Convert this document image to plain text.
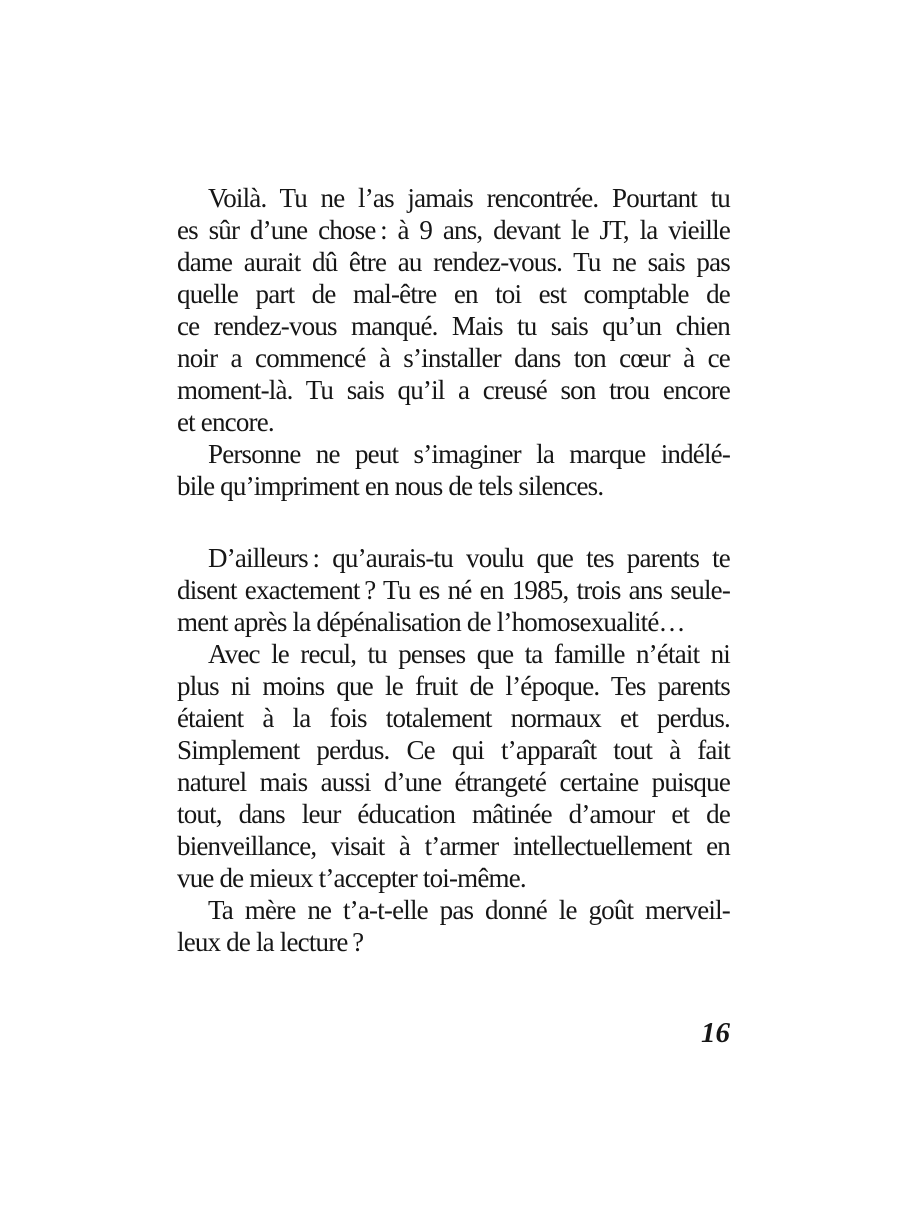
Voilà. Tu ne l’as jamais rencontrée. Pourtant tu
es sûr d’une chose : à 9 ans, devant le JT, la vieille
dame aurait dû être au rendez-vous. Tu ne sais pas
quelle part de mal-être en toi est comptable de
ce rendez-vous manqué. Mais tu sais qu’un chien
noir a commencé à s’installer dans ton cœur à ce
moment-là. Tu sais qu’il a creusé son trou encore
et encore.
Personne ne peut s’imaginer la marque indélé-
bile qu’impriment en nous de tels silences.
D’ailleurs : qu’aurais-tu voulu que tes parents te
disent exactement ? Tu es né en 1985, trois ans seule-
ment après la dépénalisation de l’homosexualité…
Avec le recul, tu penses que ta famille n’était ni
plus ni moins que le fruit de l’époque. Tes parents
étaient à la fois totalement normaux et perdus.
Simplement perdus. Ce qui t’apparaît tout à fait
naturel mais aussi d’une étrangeté certaine puisque
tout, dans leur éducation mâtinée d’amour et de
bienveillance, visait à t’armer intellectuellement en
vue de mieux t’accepter toi-même.
Ta mère ne t’a-t-elle pas donné le goût merveil-
leux de la lecture ?
16
